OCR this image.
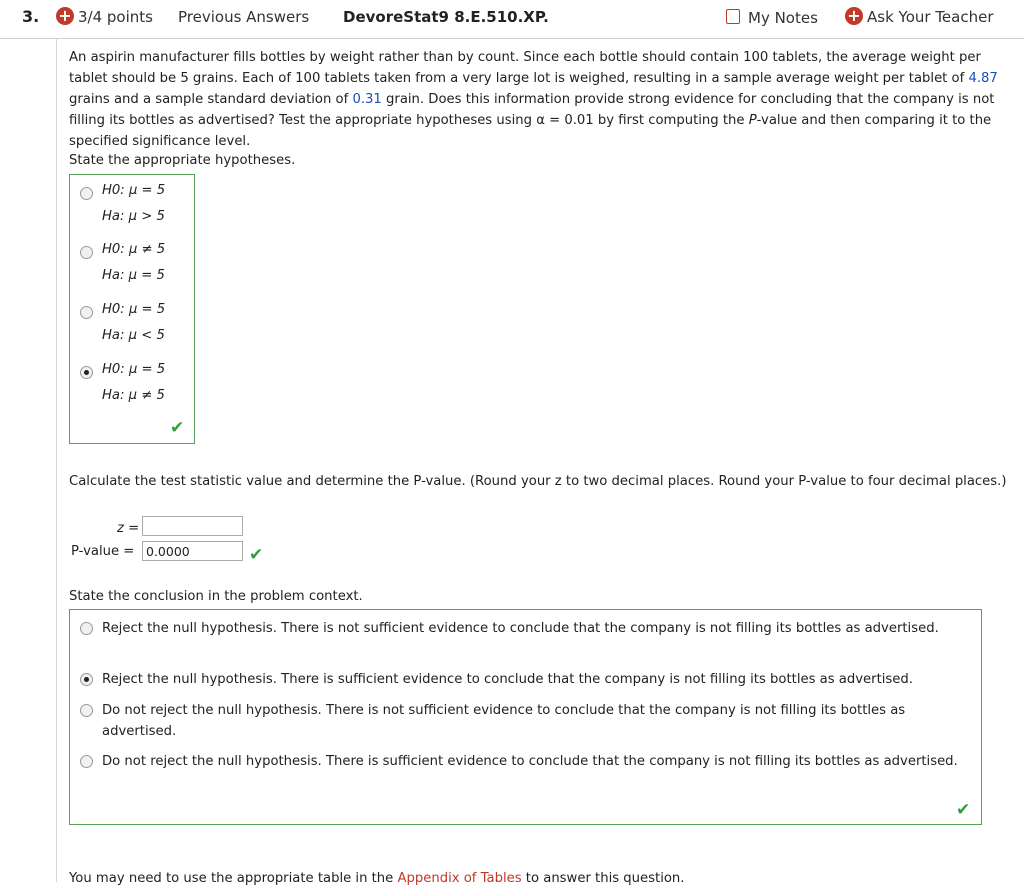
3. + 3/4 points Previous Answers DevoreStat9 8.E.510.XP.	My Notes + Ask Your Teacher
An aspirin manufacturer fills bottles by weight rather than by count. Since each bottle should contain 100 tablets, the average weight per tablet should be 5 grains. Each of 100 tablets taken from a very large lot is weighed, resulting in a sample average weight per tablet of 4.87 grains and a sample standard deviation of 0.31 grain. Does this information provide strong evidence for concluding that the company is not filling its bottles as advertised? Test the appropriate hypotheses using α = 0.01 by first computing the P-value and then comparing it to the specified significance level.
State the appropriate hypotheses.
H0: μ = 5
Ha: μ > 5
H0: μ ≠ 5
Ha: μ = 5
H0: μ = 5
Ha: μ < 5
H0: μ = 5
Ha: μ ≠ 5
✔
Calculate the test statistic value and determine the P-value. (Round your z to two decimal places. Round your P-value to four decimal places.)
z =
P-value = 0.0000	✔
State the conclusion in the problem context.
Reject the null hypothesis. There is not sufficient evidence to conclude that the company is not filling its bottles as advertised.
Reject the null hypothesis. There is sufficient evidence to conclude that the company is not filling its bottles as advertised.
Do not reject the null hypothesis. There is not sufficient evidence to conclude that the company is not filling its bottles as advertised.
Do not reject the null hypothesis. There is sufficient evidence to conclude that the company is not filling its bottles as advertised.
✔
You may need to use the appropriate table in the Appendix of Tables to answer this question.
